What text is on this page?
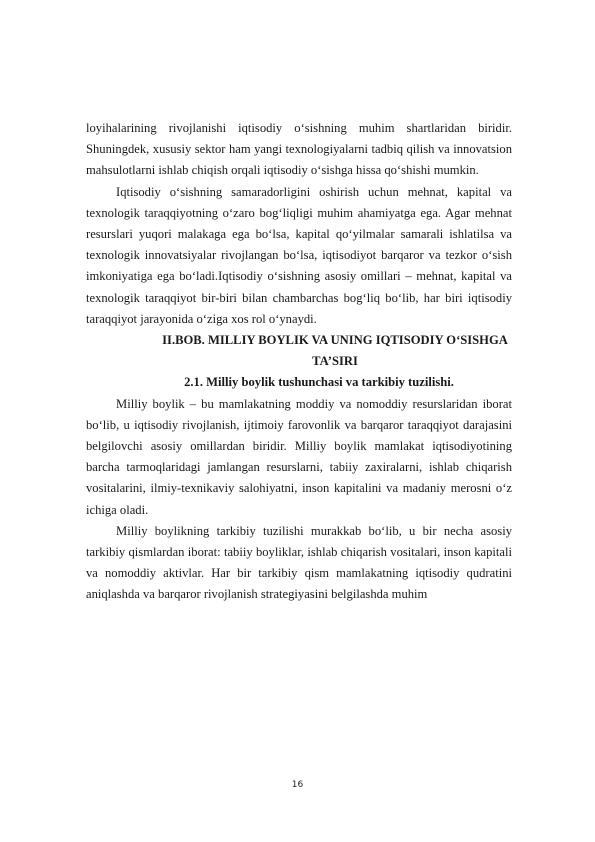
loyihalarining rivojlanishi iqtisodiy o‘sishning muhim shartlaridan biridir. Shuningdek, xususiy sektor ham yangi texnologiyalarni tadbiq qilish va innovatsion mahsulotlarni ishlab chiqish orqali iqtisodiy o‘sishga hissa qo‘shishi mumkin.

Iqtisodiy o‘sishning samaradorligini oshirish uchun mehnat, kapital va texnologik taraqqiyotning o‘zaro bog‘liqligi muhim ahamiyatga ega. Agar mehnat resurslari yuqori malakaga ega bo‘lsa, kapital qo‘yilmalar samarali ishlatilsa va texnologik innovatsiyalar rivojlangan bo‘lsa, iqtisodiyot barqaror va tezkor o‘sish imkoniyatiga ega bo‘ladi.Iqtisodiy o‘sishning asosiy omillari – mehnat, kapital va texnologik taraqqiyot bir-biri bilan chambarchas bog‘liq bo‘lib, har biri iqtisodiy taraqqiyot jarayonida o‘ziga xos rol o‘ynaydi.

II.BOB. MILLIY BOYLIK VA UNING IQTISODIY O‘SISHGA
TA’SIRI
2.1. Milliy boylik tushunchasi va tarkibiy tuzilishi.

Milliy boylik – bu mamlakatning moddiy va nomoddiy resurslaridan iborat bo‘lib, u iqtisodiy rivojlanish, ijtimoiy farovonlik va barqaror taraqqiyot darajasini belgilovchi asosiy omillardan biridir. Milliy boylik mamlakat iqtisodiyotining barcha tarmoqlaridagi jamlangan resurslarni, tabiiy zaxiralarni, ishlab chiqarish vositalarini, ilmiy-texnikaviy salohiyatni, inson kapitalini va madaniy merosni o‘z ichiga oladi.

Milliy boylikning tarkibiy tuzilishi murakkab bo‘lib, u bir necha asosiy tarkibiy qismlardan iborat: tabiiy boyliklar, ishlab chiqarish vositalari, inson kapitali va nomoddiy aktivlar. Har bir tarkibiy qism mamlakatning iqtisodiy qudratini aniqlashda va barqaror rivojlanish strategiyasini belgilashda muhim

16
